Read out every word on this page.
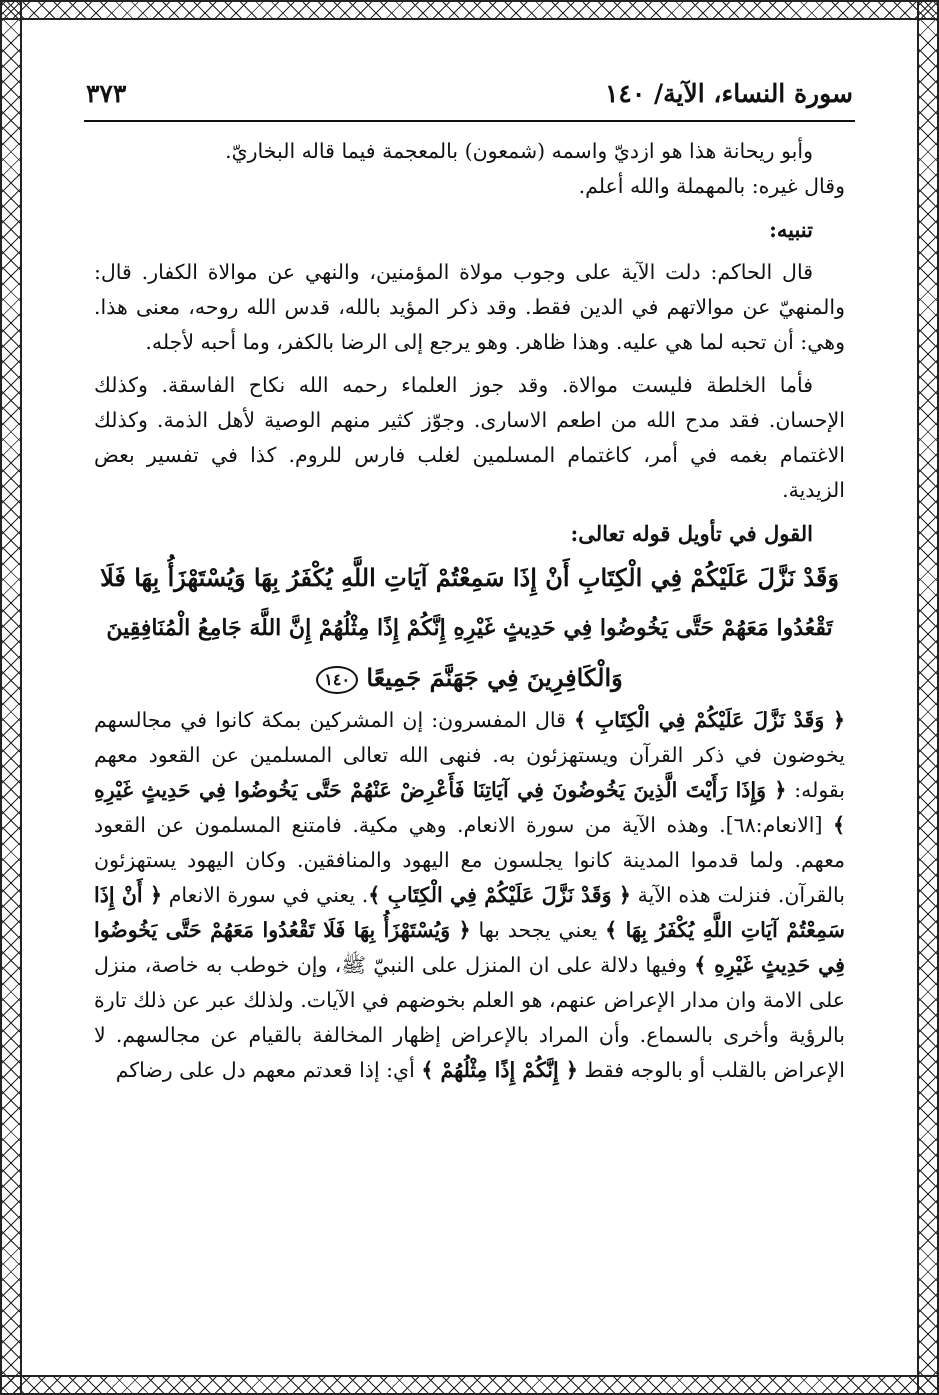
سورة النساء، الآية/ ١٤٠
٣٧٣

وأبو ريحانة هذا هو ازديّ واسمه (شمعون) بالمعجمة فيما قاله البخاريّ.

وقال غيره: بالمهملة والله أعلم.

تنبيه:

قال الحاكم: دلت الآية على وجوب مولاة المؤمنين، والنهي عن موالاة الكفار. قال: والمنهيّ عن موالاتهم في الدين فقط. وقد ذكر المؤيد بالله، قدس الله روحه، معنى هذا. وهي: أن تحبه لما هي عليه. وهذا ظاهر. وهو يرجع إلى الرضا بالكفر، وما أحبه لأجله.

فأما الخلطة فليست موالاة. وقد جوز العلماء رحمه الله نكاح الفاسقة. وكذلك الإحسان. فقد مدح الله من اطعم الاسارى. وجوّز كثير منهم الوصية لأهل الذمة. وكذلك الاغتمام بغمه في أمر، كاغتمام المسلمين لغلب فارس للروم. كذا في تفسير بعض الزيدية.

القول في تأويل قوله تعالى:

وَقَدْ نَزَّلَ عَلَيْكُمْ فِي الْكِتَابِ أَنْ إِذَا سَمِعْتُمْ آيَاتِ اللَّهِ يُكْفَرُ بِهَا وَيُسْتَهْزَأُ بِهَا فَلَا
تَقْعُدُوا مَعَهُمْ حَتَّى يَخُوضُوا فِي حَدِيثٍ غَيْرِهِ إِنَّكُمْ إِذًا مِثْلُهُمْ إِنَّ اللَّهَ جَامِعُ الْمُنَافِقِينَ
وَالْكَافِرِينَ فِي جَهَنَّمَ جَمِيعًا ١٤٠

﴿ وَقَدْ نَزَّلَ عَلَيْكُمْ فِي الْكِتَابِ ﴾ قال المفسرون: إن المشركين بمكة كانوا في مجالسهم يخوضون في ذكر القرآن ويستهزئون به. فنهى الله تعالى المسلمين عن القعود معهم بقوله: ﴿ وَإِذَا رَأَيْتَ الَّذِينَ يَخُوضُونَ فِي آيَاتِنَا فَأَعْرِضْ عَنْهُمْ حَتَّى يَخُوضُوا فِي حَدِيثٍ غَيْرِهِ ﴾ [الانعام:٦٨]. وهذه الآية من سورة الانعام. وهي مكية. فامتنع المسلمون عن القعود معهم. ولما قدموا المدينة كانوا يجلسون مع اليهود والمنافقين. وكان اليهود يستهزئون بالقرآن. فنزلت هذه الآية ﴿ وَقَدْ نَزَّلَ عَلَيْكُمْ فِي الْكِتَابِ ﴾. يعني في سورة الانعام ﴿ أَنْ إِذَا سَمِعْتُمْ آيَاتِ اللَّهِ يُكْفَرُ بِهَا ﴾ يعني يجحد بها ﴿ وَيُسْتَهْزَأُ بِهَا فَلَا تَقْعُدُوا مَعَهُمْ حَتَّى يَخُوضُوا فِي حَدِيثٍ غَيْرِهِ ﴾ وفيها دلالة على ان المنزل على النبيّ ﷺ، وإن خوطب به خاصة، منزل على الامة وان مدار الإعراض عنهم، هو العلم بخوضهم في الآيات. ولذلك عبر عن ذلك تارة بالرؤية وأخرى بالسماع. وأن المراد بالإعراض إظهار المخالفة بالقيام عن مجالسهم. لا الإعراض بالقلب أو بالوجه فقط ﴿ إِنَّكُمْ إِذًا مِثْلُهُمْ ﴾ أي: إذا قعدتم معهم دل على رضاكم
